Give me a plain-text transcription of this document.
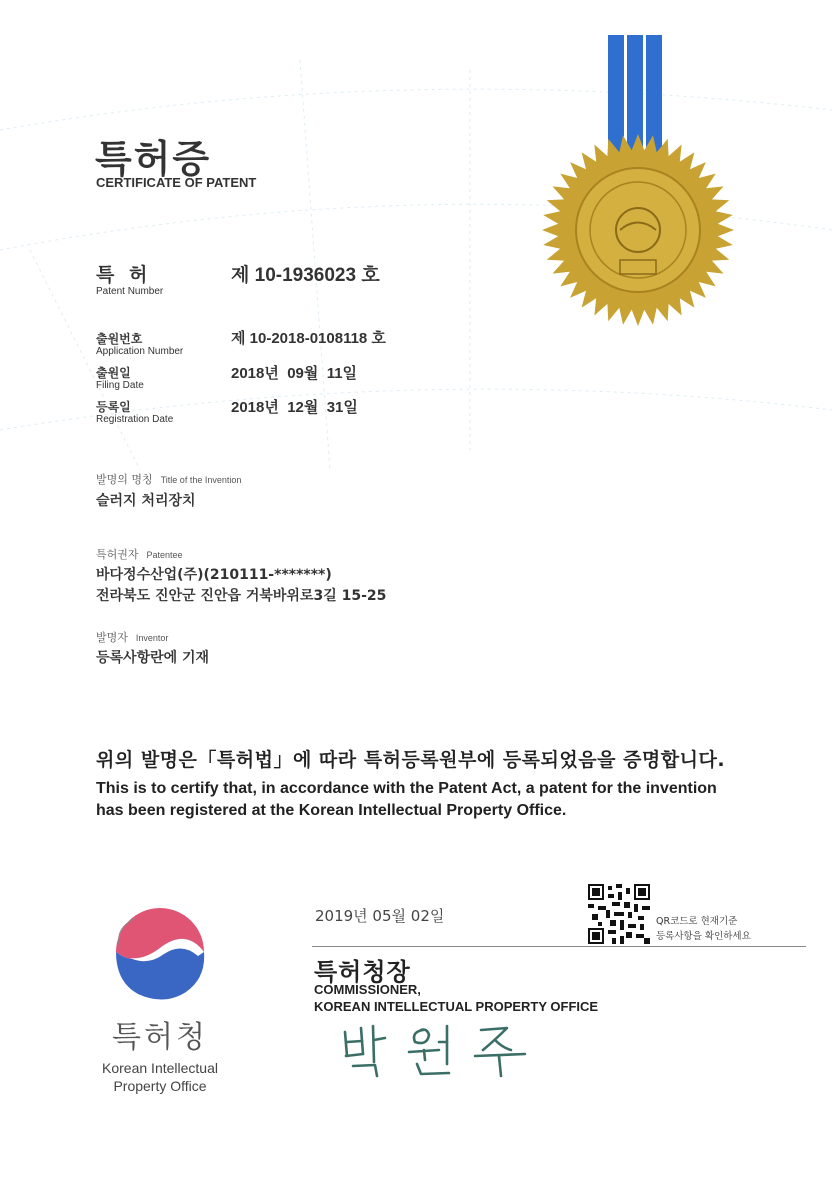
특허증
CERTIFICATE OF PATENT
특 허
Patent Number
제 10-1936023 호
출원번호
Application Number
제 10-2018-0108118 호
출원일
Filing Date
2018년  09월  11일
등록일
Registration Date
2018년  12월  31일
발명의 명칭 Title of the Invention
슬러지 처리장치
특허권자 Patentee
바다정수산업(주)(210111-*******)
전라북도 진안군 진안읍 거북바위로3길 15-25
발명자 Inventor
등록사항란에 기재
위의 발명은「특허법」에 따라 특허등록원부에 등록되었음을 증명합니다.
This is to certify that, in accordance with the Patent Act, a patent for the invention
has been registered at the Korean Intellectual Property Office.
2019년 05월 02일	QR코드로 현재기준
등록사항을 확인하세요
특허청장
COMMISSIONER,
KOREAN INTELLECTUAL PROPERTY OFFICE
특허청
Korean Intellectual
Property Office
